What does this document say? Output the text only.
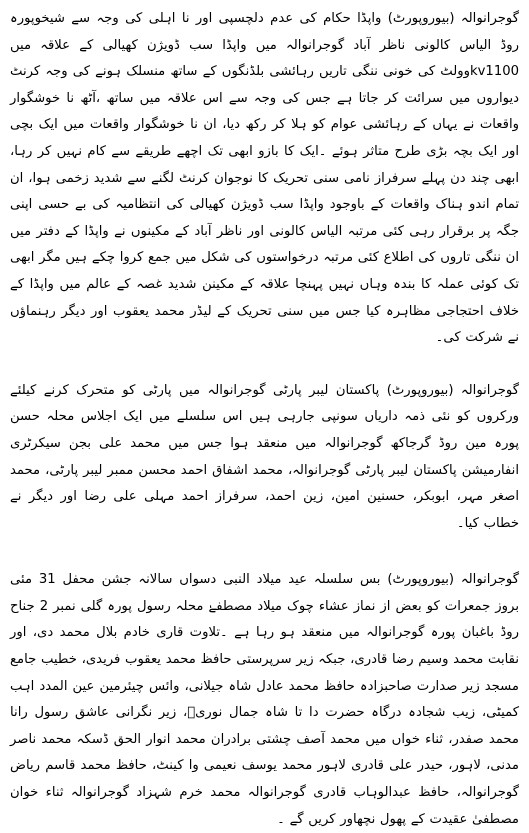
گوجرانوالہ (بیوروپورٹ) واپڈا حکام کی عدم دلچسپی اور نا اہلی کی وجہ سے شیخوپورہ روڈ الیاس کالونی ناظر آباد گوجرانوالہ میں واپڈا سب ڈویژن کھیالی کے علاقہ میں kv1100وولٹ کی خونی ننگی تاریں رہائشی بلڈنگوں کے ساتھ منسلک ہونے کی وجہ کرنٹ دیواروں میں سرائت کر جاتا ہے جس کی وجہ سے اس علاقہ میں ساتھ ،آٹھ نا خوشگوار واقعات نے یہاں کے رہائشی عوام کو ہلا کر رکھ دیا، ان نا خوشگوار واقعات میں ایک بچی اور ایک بچہ بڑی طرح متاثر ہوئے ۔ایک کا بازو ابھی تک اچھے طریقے سے کام نہیں کر رہا، ابھی چند دن پہلے سرفراز نامی سنی تحریک کا نوجوان کرنٹ لگنے سے شدید زخمی ہوا، ان تمام اندو ہناک واقعات کے باوجود واپڈا سب ڈویژن کھیالی کی انتظامیہ کی بے حسی اپنی جگہ پر برقرار رہی کئی مرتبہ الیاس کالونی اور ناظر آباد کے مکینوں نے واپڈا کے دفتر میں ان ننگی تاروں کی اطلاع کئی مرتبہ درخواستوں کی شکل میں جمع کروا چکے ہیں مگر ابھی تک کوئی عملہ کا بندہ وہاں نہیں پہنچا علاقہ کے مکینن شدید غصہ کے عالم میں واپڈا کے خلاف احتجاجی مظاہرہ کیا جس میں سنی تحریک کے لیڈر محمد یعقوب اور دیگر رہنماؤں نے شرکت کی۔

گوجرانوالہ (بیوروپورٹ) پاکستان لیبر پارٹی گوجرانوالہ میں پارٹی کو متحرک کرنے کیلئے ورکروں کو نئی ذمہ داریاں سونپی جارہی ہیں اس سلسلے میں ایک اجلاس محلہ حسن پورہ مین روڈ گرجاکھ گوجرانوالہ میں منعقد ہوا جس میں محمد علی بجن سیکرٹری انفارمیشن پاکستان لیبر پارٹی گوجرانوالہ، محمد اشفاق احمد محسن ممبر لیبر پارٹی، محمد اصغر مہر، ابوبکر، حسنین امین، زین احمد، سرفراز احمد مہلی علی رضا اور دیگر نے خطاب کیا۔

گوجرانوالہ (بیوروپورٹ) بس سلسلہ عید میلاد النبی دسواں سالانہ جشن محفل 31 مئی بروز جمعرات کو بعض از نماز عشاء چوک میلاد مصطفےٰ محلہ رسول پورہ گلی نمبر 2 جناح روڈ باغبان پورہ گوجرانوالہ میں منعقد ہو رہا ہے ۔تلاوت قاری خادم بلال محمد دی، اور نقابت محمد وسیم رضا قادری، جبکہ زیر سرپرستی حافظ محمد یعقوب فریدی، خطیب جامع مسجد زیر صدارت صاحبزادہ حافظ محمد عادل شاہ جیلانی، وائس چیئرمین عین المدد اہب کمیٹی، زیب شجادہ درگاہ حضرت دا تا شاہ جمال نوریؒ، زیر نگرانی عاشق رسول رانا محمد صفدر، ثناء خواں میں محمد آصف چشتی برادران محمد انوار الحق ڈسکہ محمد ناصر مدنی، لاہور، حیدر علی قادری لاہور محمد یوسف نعیمی وا کینٹ، حافظ محمد قاسم ریاض گوجرانوالہ، حافظ عبدالوہاب قادری گوجرانوالہ محمد خرم شہزاد گوجرانوالہ ثناء خوان مصطفیٰ عقیدت کے پھول نچھاور کریں گے ۔
